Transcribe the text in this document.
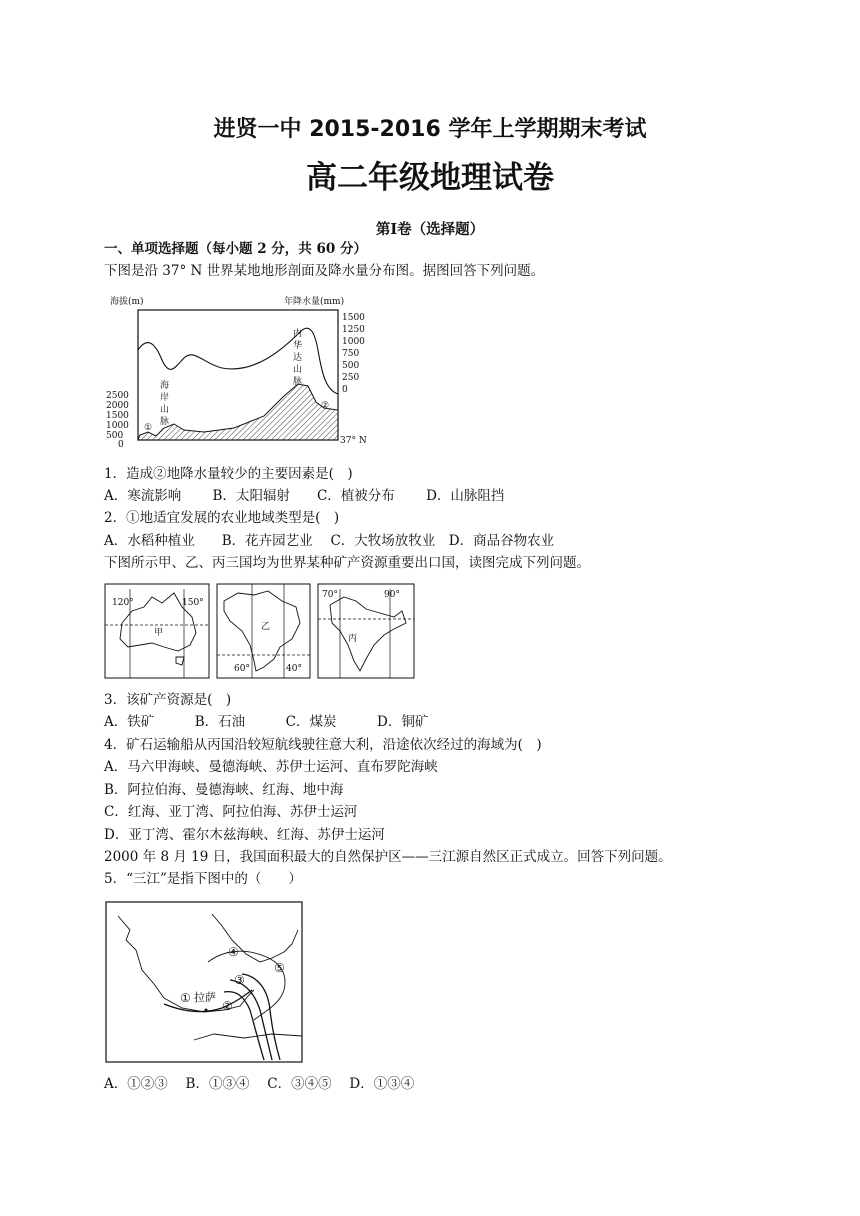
进贤一中 2015-2016 学年上学期期末考试
高二年级地理试卷
第Ⅰ卷（选择题）
一、单项选择题（每小题 2 分，共 60 分）
下图是沿 37° N 世界某地地形剖面及降水量分布图。据图回答下列问题。
海拔(m)	年降水量(mm)
1500
1250
1000
750
500
250
0
2500
2000
1500
1000
500
0
海
岸
山
脉
内
华
达
山
脉
①
②
37° N
1．造成②地降水量较少的主要因素是(　)
A．寒流影响　　 B．太阳辐射　　C．植被分布　　 D．山脉阻挡
2．①地适宜发展的农业地域类型是(　)
A．水稻种植业　　B．花卉园艺业　 C．大牧场放牧业　D．商品谷物农业
下图所示甲、乙、丙三国均为世界某种矿产资源重要出口国，读图完成下列问题。
120°	150°
甲
乙
60°	40°
70°	90°
丙
3．该矿产资源是(　)
A．铁矿　　　B．石油　　　C．煤炭　　　D．铜矿
4．矿石运输船从丙国沿较短航线驶往意大利，沿途依次经过的海域为(　)
A．马六甲海峡、曼德海峡、苏伊士运河、直布罗陀海峡
B．阿拉伯海、曼德海峡、红海、地中海
C．红海、亚丁湾、阿拉伯海、苏伊士运河
D．亚丁湾、霍尔木兹海峡、红海、苏伊士运河
2000 年 8 月 19 日，我国面积最大的自然保护区——三江源自然区正式成立。回答下列问题。
5．“三江”是指下图中的（　　）
① 拉萨
②
③
④
⑤
A．①②③　 B．①③④　 C．③④⑤　 D．①③④
